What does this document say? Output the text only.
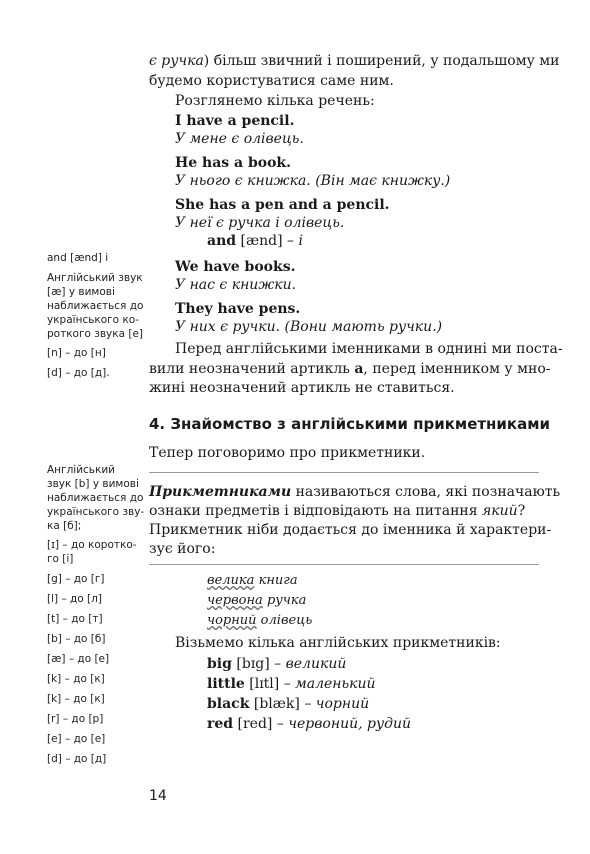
є ручка) більш звичний і поширений, у подальшому ми
будемо користуватися саме ним.
Розглянемо кілька речень:
I have a pencil.
У мене є олівець.
He has a book.
У нього є книжка. (Він має книжку.)
She has a pen and a pencil.
У неї є ручка і олівець.
and [ænd] – і
We have books.
У нас є книжки.
They have pens.
У них є ручки. (Вони мають ручки.)
Перед англійськими іменниками в однині ми поста-
вили неозначений артикль a, перед іменником у мно-
жині неозначений артикль не ставиться.
4. Знайомство з англійськими прикметниками
Тепер поговоримо про прикметники.
Прикметниками називаються слова, які позначають
ознаки предметів і відповідають на питання який?
Прикметник ніби додається до іменника й характери-
зує його:
велика книга
червона ручка
чорний олівець
Візьмемо кілька англійських прикметників:
big [bɪg] – великий
little [lɪtl] – маленький
black [blæk] – чорний
red [red] – червоний, рудий
and [ænd] і
Англійський звук
[æ] у вимові
наближається до
українського ко-
роткого звука [е]
[n] – до [н]
[d] – до [д].
Англійський
звук [b] у вимові
наближається до
українського зву-
ка [б];
[ɪ] – до коротко-
го [і]
[g] – до [г]
[l] – до [л]
[t] – до [т]
[b] – до [б]
[æ] – до [е]
[k] – до [к]
[k] – до [к]
[r] – до [р]
[e] – до [е]
[d] – до [д]
14
